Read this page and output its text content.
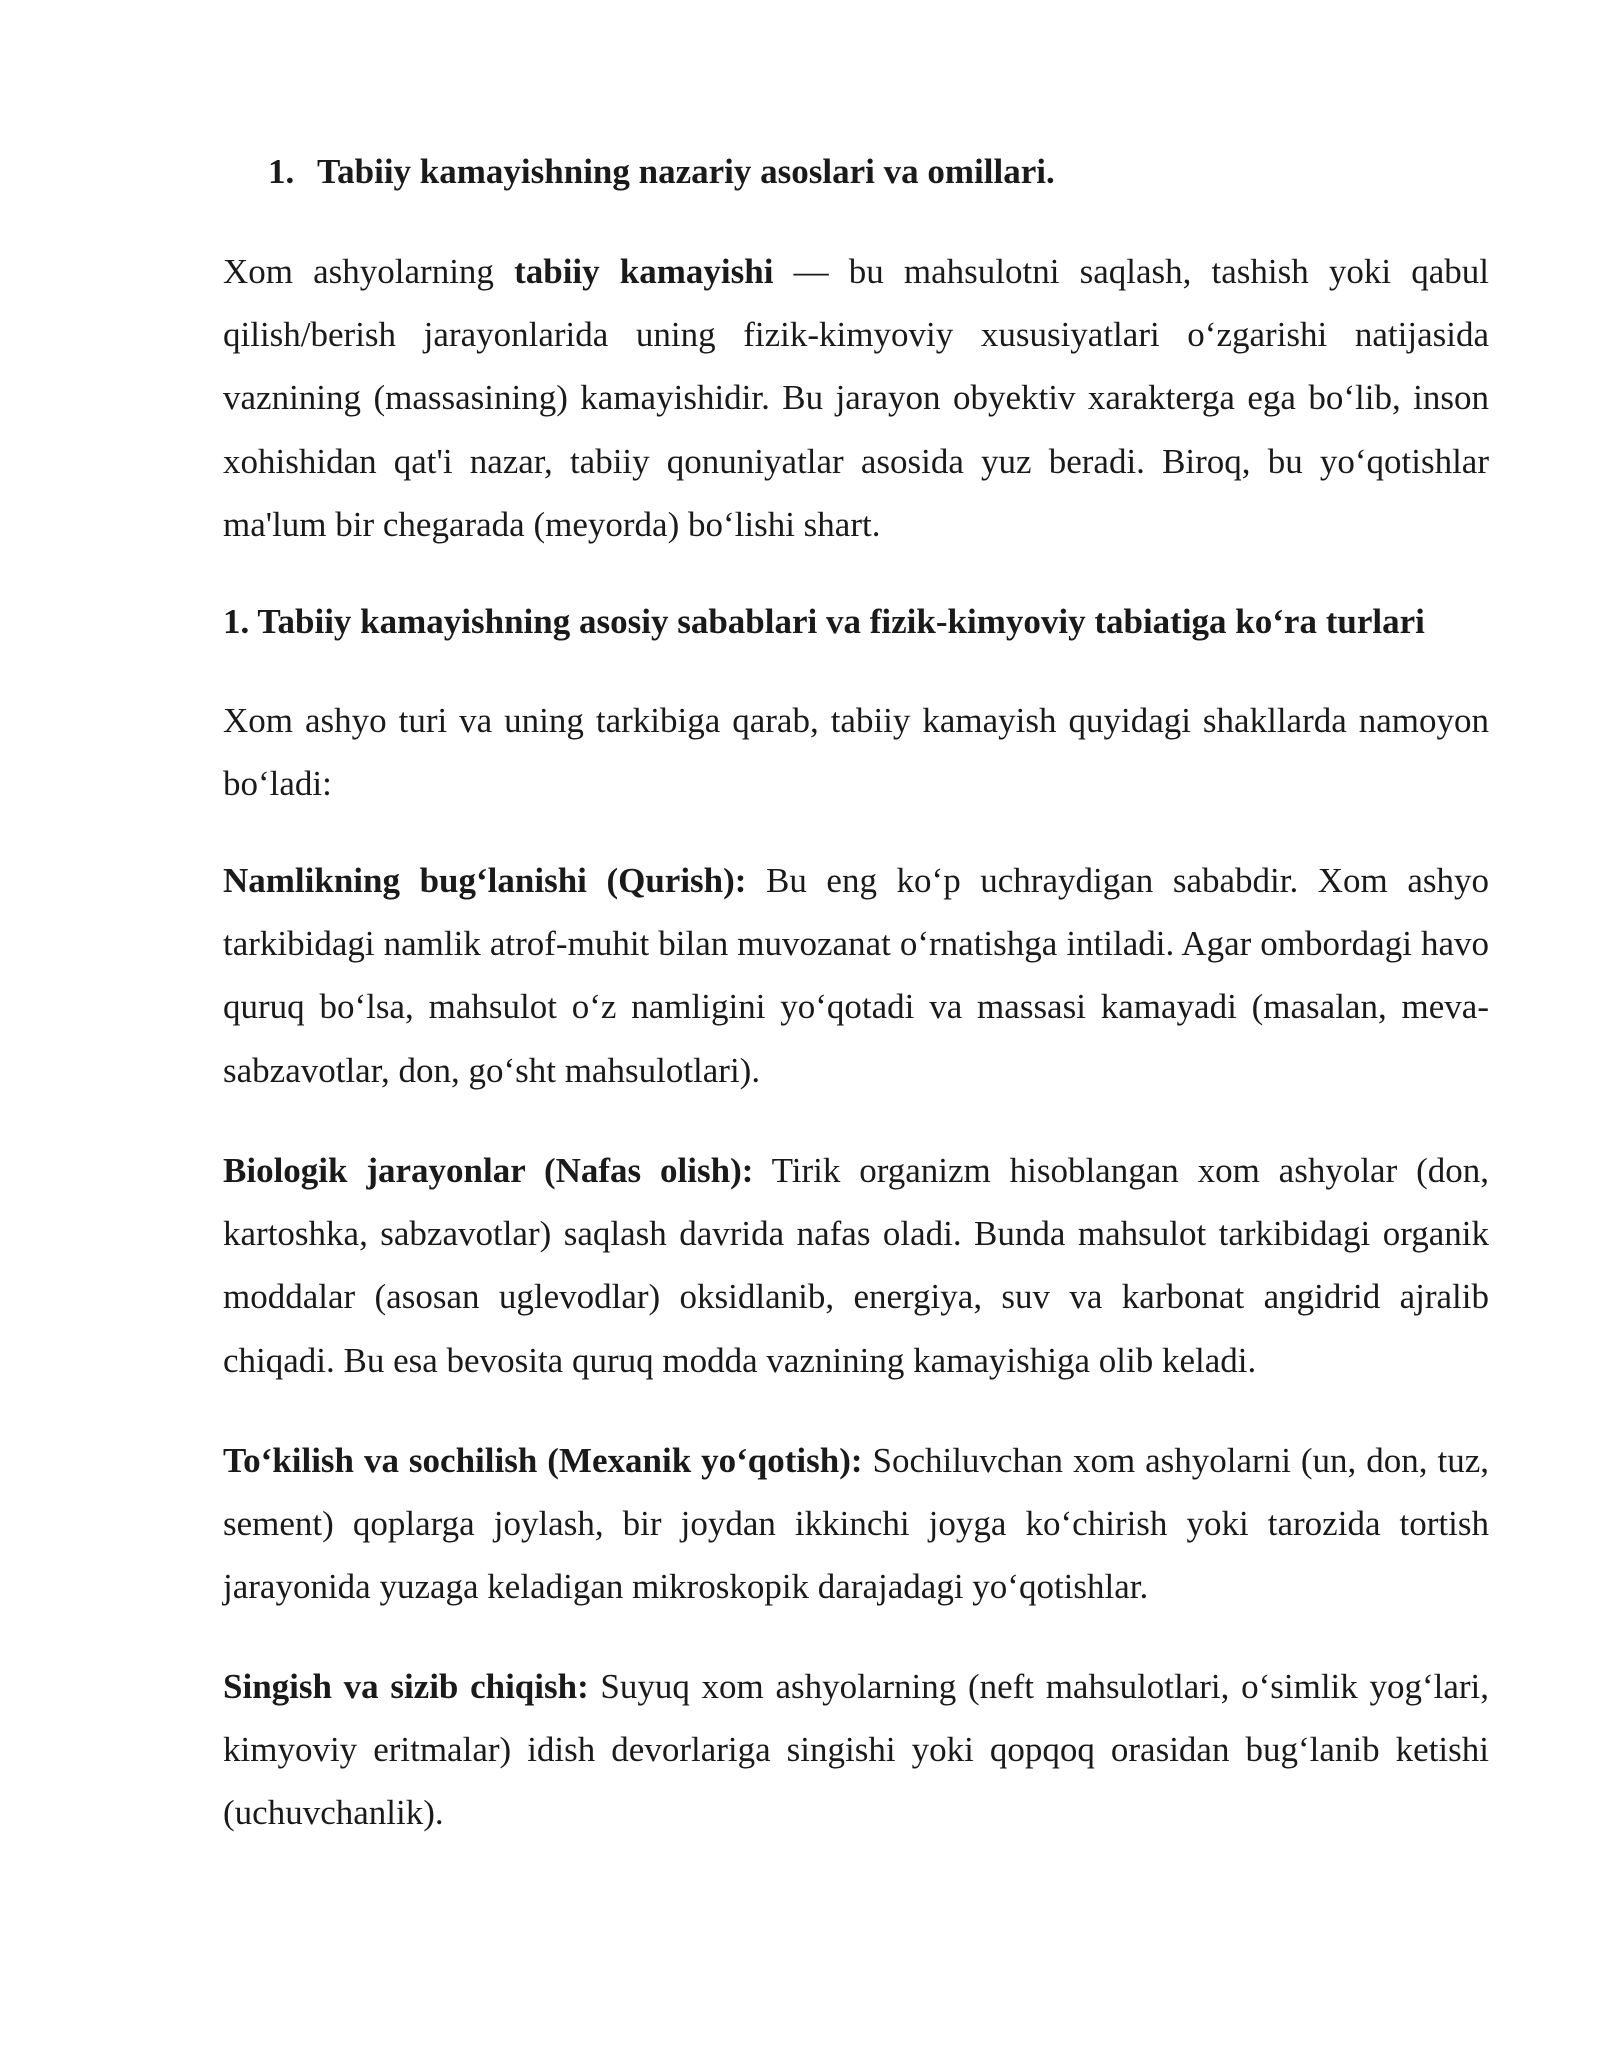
1. Tabiiy kamayishning nazariy asoslari va omillari.

Xom ashyolarning tabiiy kamayishi — bu mahsulotni saqlash, tashish yoki qabul qilish/berish jarayonlarida uning fizik-kimyoviy xususiyatlari oʻzgarishi natijasida vaznining (massasining) kamayishidir. Bu jarayon obyektiv xarakterga ega boʻlib, inson xohishidan qat'i nazar, tabiiy qonuniyatlar asosida yuz beradi. Biroq, bu yoʻqotishlar ma'lum bir chegarada (meyorda) boʻlishi shart.

1. Tabiiy kamayishning asosiy sabablari va fizik-kimyoviy tabiatiga koʻra turlari

Xom ashyo turi va uning tarkibiga qarab, tabiiy kamayish quyidagi shakllarda namoyon boʻladi:

Namlikning bugʻlanishi (Qurish): Bu eng koʻp uchraydigan sababdir. Xom ashyo tarkibidagi namlik atrof-muhit bilan muvozanat oʻrnatishga intiladi. Agar ombordagi havo quruq boʻlsa, mahsulot oʻz namligini yoʻqotadi va massasi kamayadi (masalan, meva-sabzavotlar, don, goʻsht mahsulotlari).

Biologik jarayonlar (Nafas olish): Tirik organizm hisoblangan xom ashyolar (don, kartoshka, sabzavotlar) saqlash davrida nafas oladi. Bunda mahsulot tarkibidagi organik moddalar (asosan uglevodlar) oksidlanib, energiya, suv va karbonat angidrid ajralib chiqadi. Bu esa bevosita quruq modda vaznining kamayishiga olib keladi.

Toʻkilish va sochilish (Mexanik yoʻqotish): Sochiluvchan xom ashyolarni (un, don, tuz, sement) qoplarga joylash, bir joydan ikkinchi joyga koʻchirish yoki tarozida tortish jarayonida yuzaga keladigan mikroskopik darajadagi yoʻqotishlar.

Singish va sizib chiqish: Suyuq xom ashyolarning (neft mahsulotlari, oʻsimlik yogʻlari, kimyoviy eritmalar) idish devorlariga singishi yoki qopqoq orasidan bugʻlanib ketishi (uchuvchanlik).
